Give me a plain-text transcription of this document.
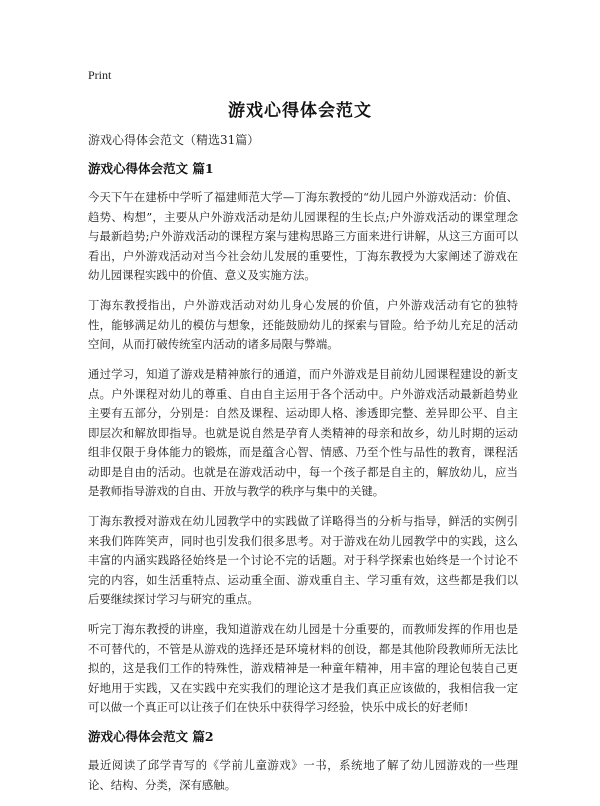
Print
游戏心得体会范文

游戏心得体会范文（精选31篇）

游戏心得体会范文 篇1

今天下午在建桥中学听了福建师范大学—丁海东教授的“幼儿园户外游戏活动：价值、趋势、构想”，主要从户外游戏活动是幼儿园课程的生长点;户外游戏活动的课堂理念与最新趋势;户外游戏活动的课程方案与建构思路三方面来进行讲解，从这三方面可以看出，户外游戏活动对当今社会幼儿发展的重要性，丁海东教授为大家阐述了游戏在幼儿园课程实践中的价值、意义及实施方法。

丁海东教授指出，户外游戏活动对幼儿身心发展的价值，户外游戏活动有它的独特性，能够满足幼儿的模仿与想象，还能鼓励幼儿的探索与冒险。给予幼儿充足的活动空间，从而打破传统室内活动的诸多局限与弊端。

通过学习，知道了游戏是精神旅行的通道，而户外游戏是目前幼儿园课程建设的新支点。户外课程对幼儿的尊重、自由自主运用于各个活动中。户外游戏活动最新趋势业主要有五部分，分别是：自然及课程、运动即人格、渗透即完整、差异即公平、自主即层次和解放即指导。也就是说自然是孕育人类精神的母亲和故乡，幼儿时期的运动组非仅限于身体能力的锻炼，而是蕴含心智、情感、乃至个性与品性的教育，课程活动即是自由的活动。也就是在游戏活动中，每一个孩子都是自主的，解放幼儿，应当是教师指导游戏的自由、开放与教学的秩序与集中的关键。

丁海东教授对游戏在幼儿园教学中的实践做了详略得当的分析与指导，鲜活的实例引来我们阵阵笑声，同时也引发我们很多思考。对于游戏在幼儿园教学中的实践，这么丰富的内涵实践路径始终是一个讨论不完的话题。对于科学探索也始终是一个讨论不完的内容，如生活重特点、运动重全面、游戏重自主、学习重有效，这些都是我们以后要继续探讨学习与研究的重点。

听完丁海东教授的讲座，我知道游戏在幼儿园是十分重要的，而教师发挥的作用也是不可替代的，不管是从游戏的选择还是环境材料的创设，都是其他阶段教师所无法比拟的，这是我们工作的特殊性，游戏精神是一种童年精神，用丰富的理论包装自己更好地用于实践，又在实践中充实我们的理论这才是我们真正应该做的，我相信我一定可以做一个真正可以让孩子们在快乐中获得学习经验，快乐中成长的好老师!

游戏心得体会范文 篇2

最近阅读了邱学青写的《学前儿童游戏》一书，系统地了解了幼儿园游戏的一些理论、结构、分类，深有感触。
